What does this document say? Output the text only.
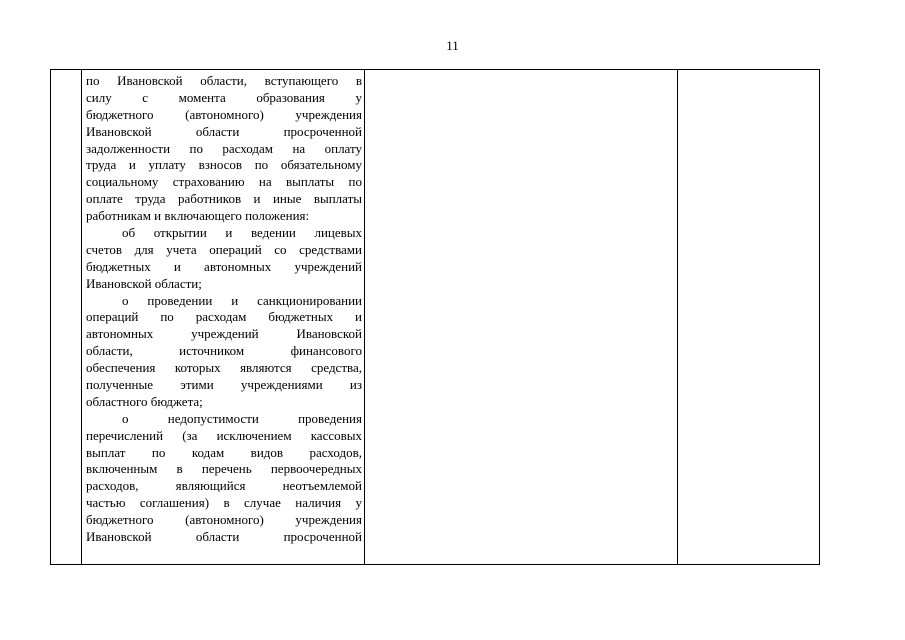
11

по Ивановской области, вступающего в
силу с момента образования у
бюджетного (автономного) учреждения
Ивановской области просроченной
задолженности по расходам на оплату
труда и уплату взносов по обязательному
социальному страхованию на выплаты по
оплате труда работников и иные выплаты
работникам и включающего положения:
об открытии и ведении лицевых
счетов для учета операций со средствами
бюджетных и автономных учреждений
Ивановской области;
о проведении и санкционировании
операций по расходам бюджетных и
автономных учреждений Ивановской
области, источником финансового
обеспечения которых являются средства,
полученные этими учреждениями из
областного бюджета;
о недопустимости проведения
перечислений (за исключением кассовых
выплат по кодам видов расходов,
включенным в перечень первоочередных
расходов, являющийся неотъемлемой
частью соглашения) в случае наличия у
бюджетного (автономного) учреждения
Ивановской области просроченной
